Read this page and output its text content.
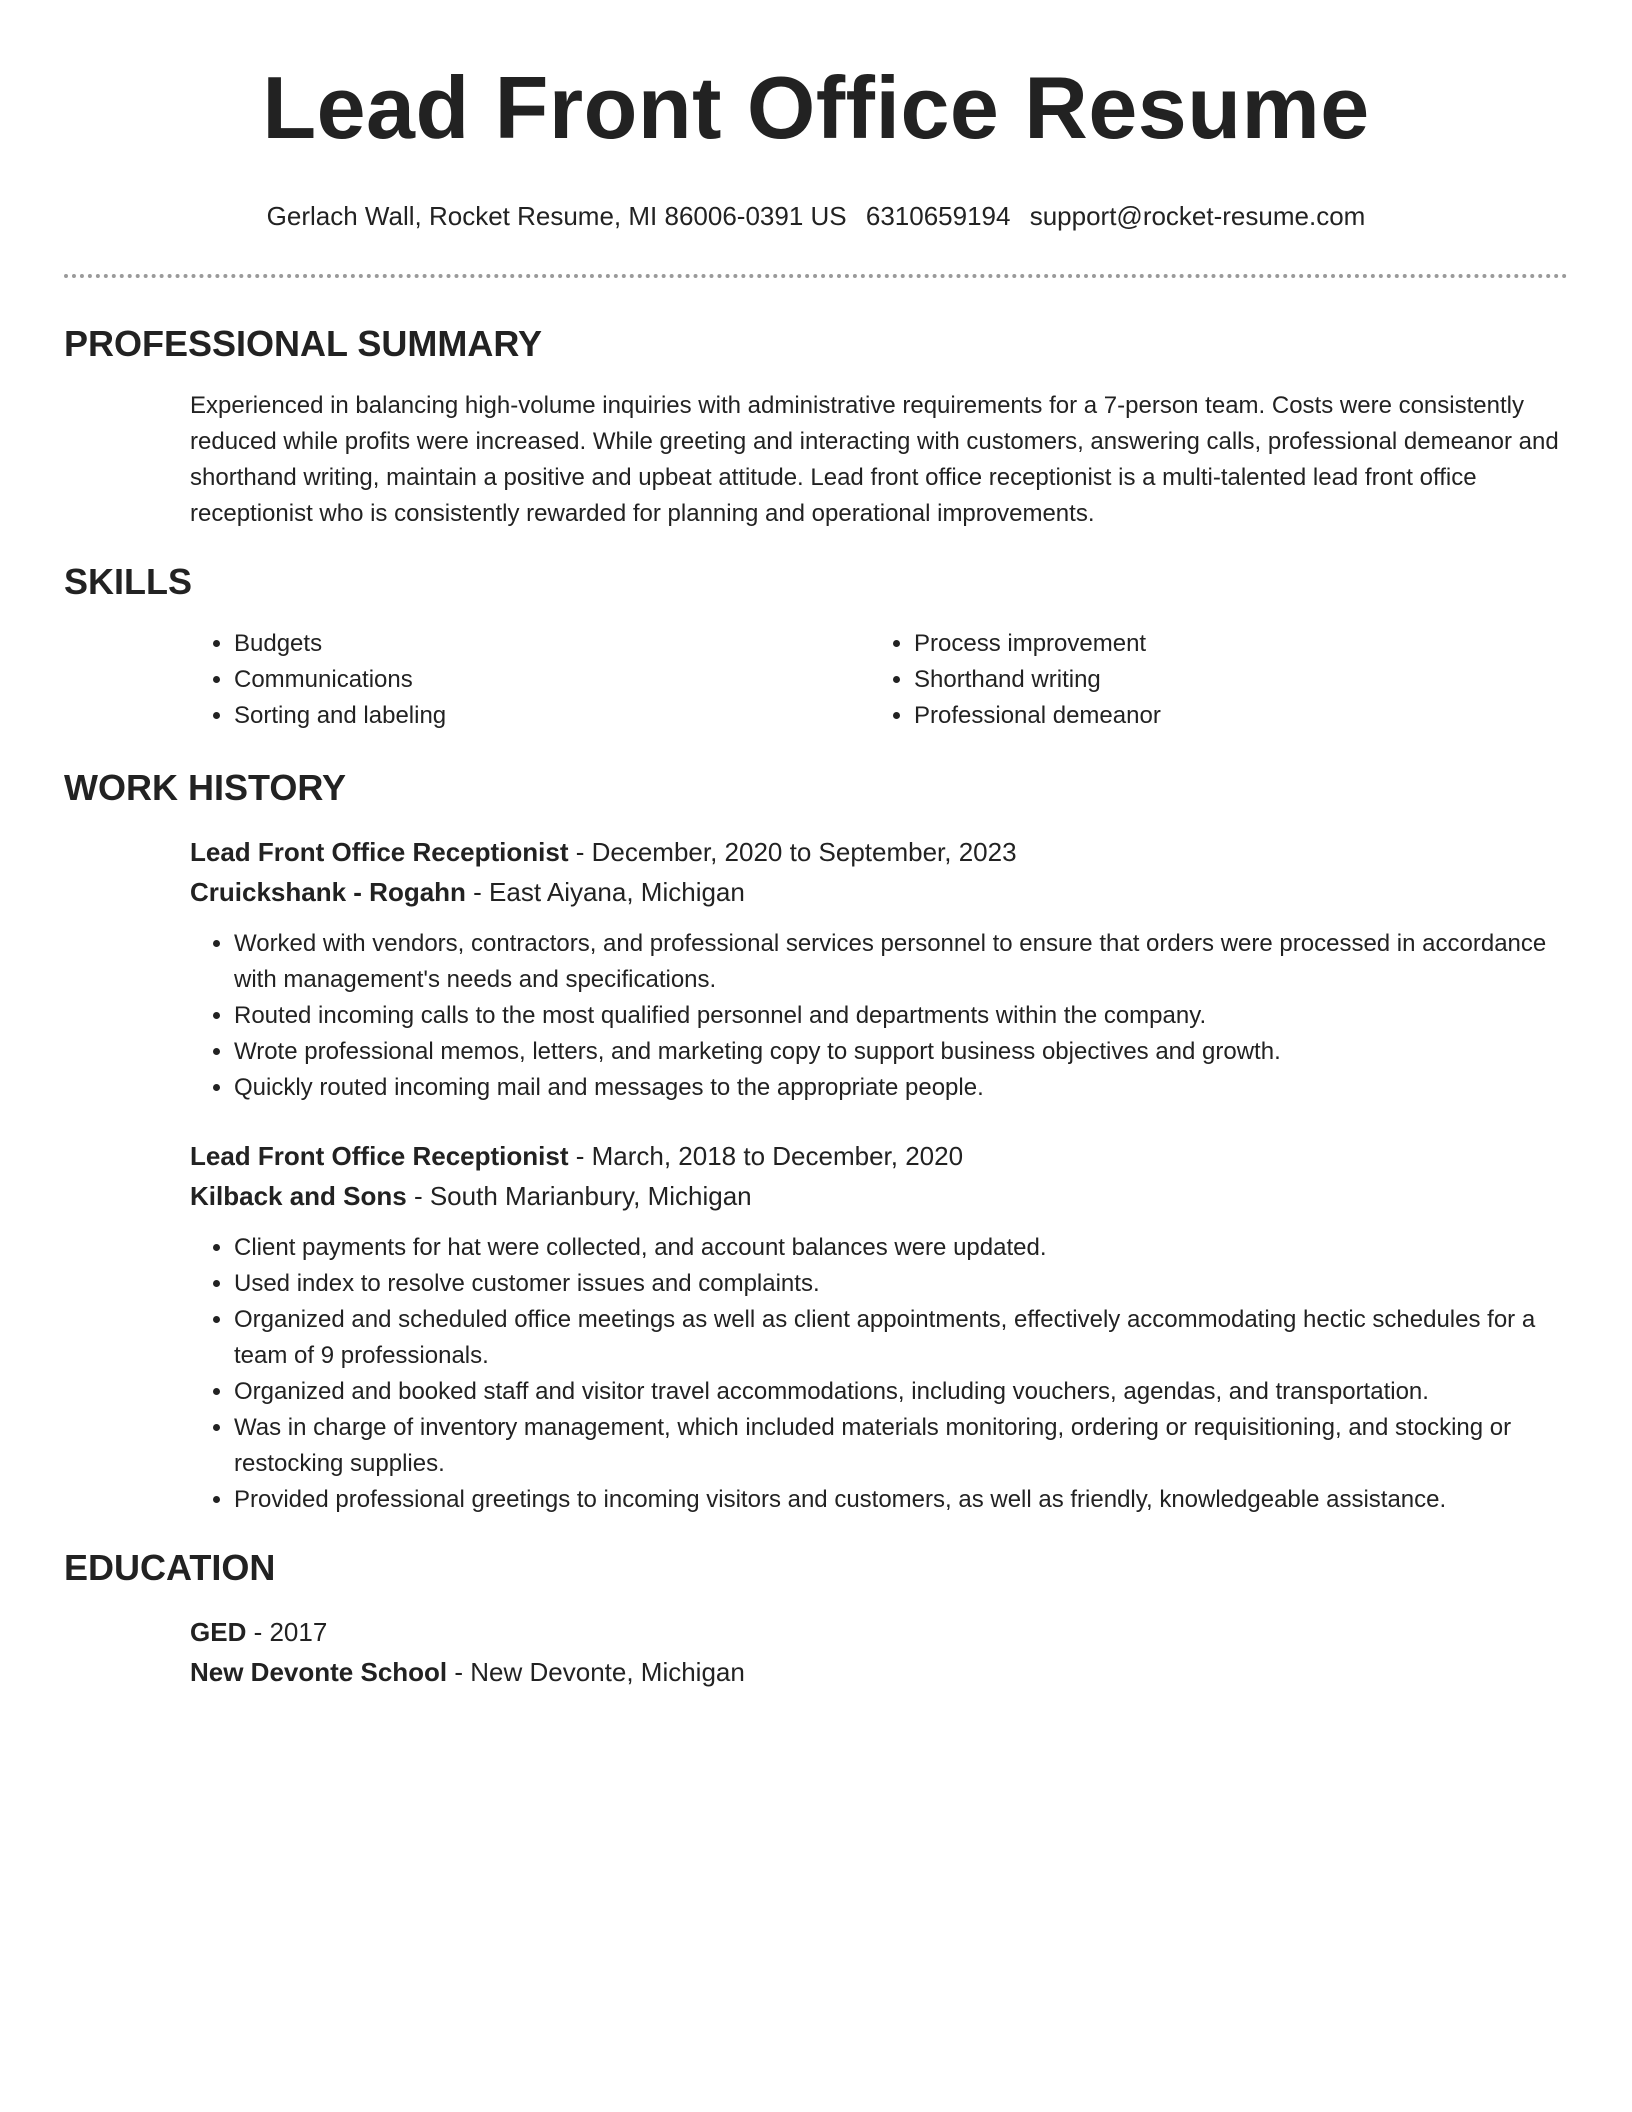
Lead Front Office Resume
Gerlach Wall, Rocket Resume, MI 86006-0391 US 6310659194 support@rocket-resume.com
PROFESSIONAL SUMMARY
Experienced in balancing high-volume inquiries with administrative requirements for a 7-person team. Costs were consistently reduced while profits were increased. While greeting and interacting with customers, answering calls, professional demeanor and shorthand writing, maintain a positive and upbeat attitude. Lead front office receptionist is a multi-talented lead front office receptionist who is consistently rewarded for planning and operational improvements.
SKILLS
• Budgets
• Communications
• Sorting and labeling
• Process improvement
• Shorthand writing
• Professional demeanor
WORK HISTORY
Lead Front Office Receptionist - December, 2020 to September, 2023
Cruickshank - Rogahn - East Aiyana, Michigan
• Worked with vendors, contractors, and professional services personnel to ensure that orders were processed in accordance with management's needs and specifications.
• Routed incoming calls to the most qualified personnel and departments within the company.
• Wrote professional memos, letters, and marketing copy to support business objectives and growth.
• Quickly routed incoming mail and messages to the appropriate people.
Lead Front Office Receptionist - March, 2018 to December, 2020
Kilback and Sons - South Marianbury, Michigan
• Client payments for hat were collected, and account balances were updated.
• Used index to resolve customer issues and complaints.
• Organized and scheduled office meetings as well as client appointments, effectively accommodating hectic schedules for a team of 9 professionals.
• Organized and booked staff and visitor travel accommodations, including vouchers, agendas, and transportation.
• Was in charge of inventory management, which included materials monitoring, ordering or requisitioning, and stocking or restocking supplies.
• Provided professional greetings to incoming visitors and customers, as well as friendly, knowledgeable assistance.
EDUCATION
GED - 2017
New Devonte School - New Devonte, Michigan
